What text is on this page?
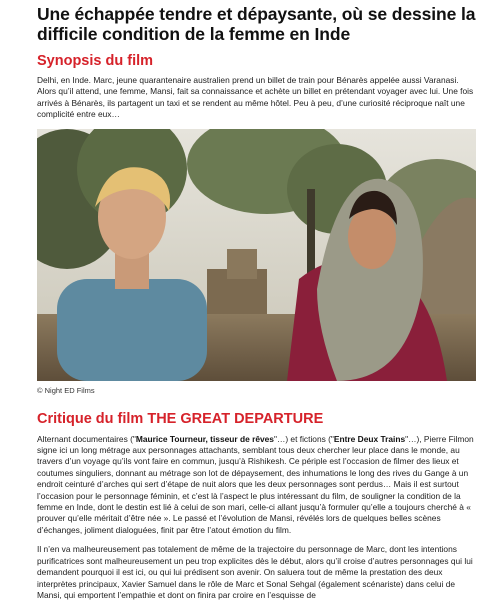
Une échappée tendre et dépaysante, où se dessine la difficile condition de la femme en Inde
Synopsis du film

Delhi, en Inde. Marc, jeune quarantenaire australien prend un billet de train pour Bénarès appelée aussi Varanasi. Alors qu’il attend, une femme, Mansi, fait sa connaissance et achète un billet en prétendant voyager avec lui. Une fois arrivés à Bénarès, ils partagent un taxi et se rendent au même hôtel. Peu à peu, d’une curiosité réciproque naît une complicité entre eux…

© Night ED Films
Critique du film THE GREAT DEPARTURE

Alternant documentaires ("Maurice Tourneur, tisseur de rêves"…) et fictions ("Entre Deux Trains"…), Pierre Filmon signe ici un long métrage aux personnages attachants, semblant tous deux chercher leur place dans le monde, au travers d’un voyage qu’ils vont faire en commun, jusqu’à Rishikesh. Ce périple est l’occasion de filmer des lieux et coutumes singuliers, donnant au métrage son lot de dépaysement, des inhumations le long des rives du Gange à un endroit ceinturé d’arches qui sert d’étape de nuit alors que les deux personnages sont perdus… Mais il est surtout l’occasion pour le personnage féminin, et c’est là l’aspect le plus intéressant du film, de souligner la condition de la femme en Inde, dont le destin est lié à celui de son mari, celle-ci allant jusqu’à formuler qu’elle a toujours cherché à « prouver qu’elle méritait d’être née ». Le passé et l’évolution de Mansi, révélés lors de quelques belles scènes d’échanges, joliment dialoguées, finit par être l’atout émotion du film.

Il n’en va malheureusement pas totalement de même de la trajectoire du personnage de Marc, dont les intentions purificatrices sont malheureusement un peu trop explicites dès le début, alors qu’il croise d’autres personnages qui lui demandent pourquoi il est ici, ou qui lui prédisent son avenir. On saluera tout de même la prestation des deux interprètes principaux, Xavier Samuel dans le rôle de Marc et Sonal Sehgal (également scénariste) dans celui de Mansi, qui emportent l’empathie et dont on finira par croire en l’esquisse de
